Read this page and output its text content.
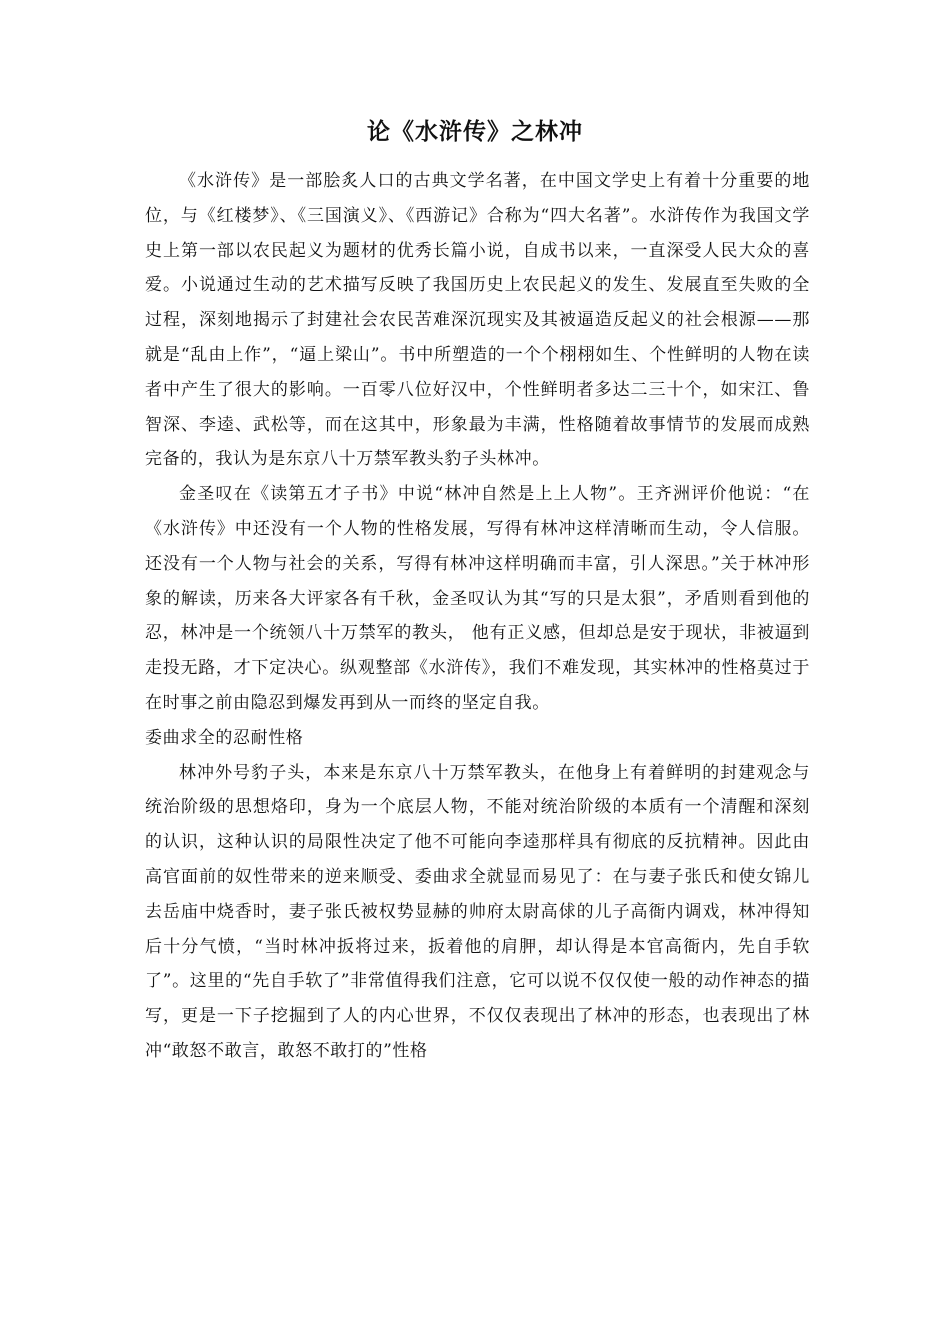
论《水浒传》之林冲

《水浒传》是一部脍炙人口的古典文学名著，在中国文学史上有着十分重要的地位，与《红楼梦》、《三国演义》、《西游记》合称为“四大名著”。水浒传作为我国文学史上第一部以农民起义为题材的优秀长篇小说，自成书以来，一直深受人民大众的喜爱。小说通过生动的艺术描写反映了我国历史上农民起义的发生、发展直至失败的全过程，深刻地揭示了封建社会农民苦难深沉现实及其被逼造反起义的社会根源——那就是“乱由上作”，“逼上梁山”。书中所塑造的一个个栩栩如生、个性鲜明的人物在读者中产生了很大的影响。一百零八位好汉中，个性鲜明者多达二三十个，如宋江、鲁智深、李逵、武松等，而在这其中，形象最为丰满，性格随着故事情节的发展而成熟完备的，我认为是东京八十万禁军教头豹子头林冲。

金圣叹在《读第五才子书》中说“林冲自然是上上人物”。王齐洲评价他说：“在《水浒传》中还没有一个人物的性格发展，写得有林冲这样清晰而生动，令人信服。还没有一个人物与社会的关系，写得有林冲这样明确而丰富，引人深思。”关于林冲形象的解读，历来各大评家各有千秋，金圣叹认为其“写的只是太狠”，矛盾则看到他的忍，林冲是一个统领八十万禁军的教头， 他有正义感，但却总是安于现状，非被逼到走投无路，才下定决心。纵观整部《水浒传》，我们不难发现，其实林冲的性格莫过于在时事之前由隐忍到爆发再到从一而终的坚定自我。

委曲求全的忍耐性格

林冲外号豹子头，本来是东京八十万禁军教头，在他身上有着鲜明的封建观念与统治阶级的思想烙印，身为一个底层人物，不能对统治阶级的本质有一个清醒和深刻的认识，这种认识的局限性决定了他不可能向李逵那样具有彻底的反抗精神。因此由高官面前的奴性带来的逆来顺受、委曲求全就显而易见了：在与妻子张氏和使女锦儿去岳庙中烧香时，妻子张氏被权势显赫的帅府太尉高俅的儿子高衙内调戏，林冲得知后十分气愤，“当时林冲扳将过来，扳着他的肩胛，却认得是本官高衙内，先自手软了”。这里的“先自手软了”非常值得我们注意，它可以说不仅仅使一般的动作神态的描写，更是一下子挖掘到了人的内心世界，不仅仅表现出了林冲的形态，也表现出了林冲“敢怒不敢言，敢怒不敢打的”性格
